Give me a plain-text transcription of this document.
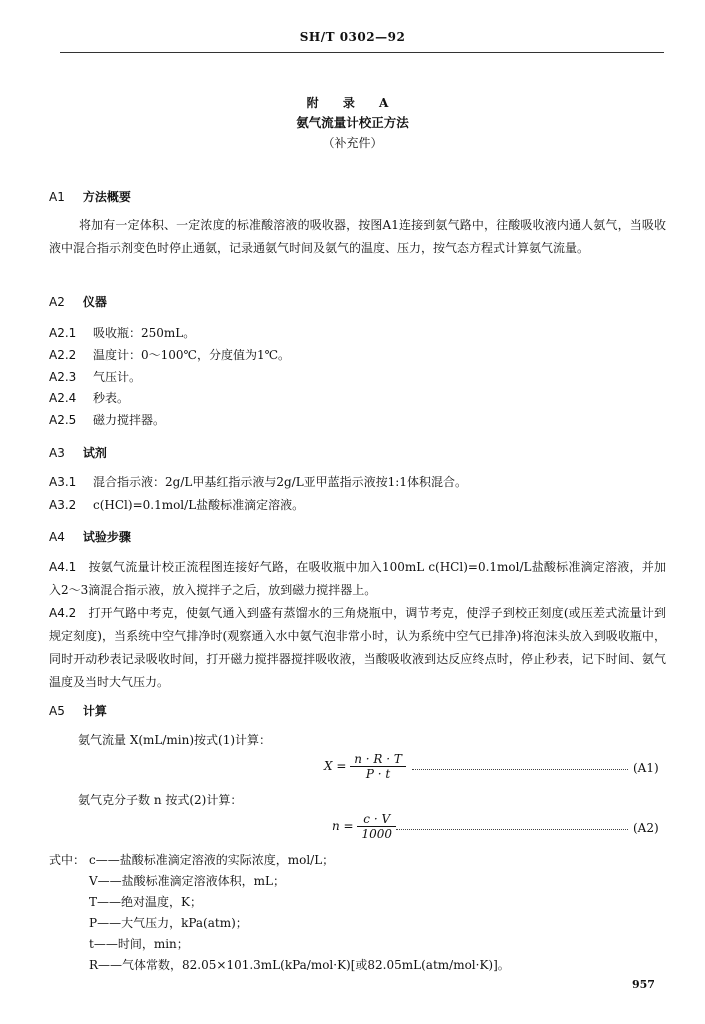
SH/T 0302—92
附 录 A
氨气流量计校正方法
（补充件）
A1 方法概要
将加有一定体积、一定浓度的标准酸溶液的吸收器，按图A1连接到氨气路中，往酸吸收液内通人氨气，当吸收液中混合指示剂变色时停止通氨，记录通氨气时间及氨气的温度、压力，按气态方程式计算氨气流量。
A2 仪器
A2.1 吸收瓶：250mL。
A2.2 温度计：0～100℃，分度值为1℃。
A2.3 气压计。
A2.4 秒表。
A2.5 磁力搅拌器。
A3 试剂
A3.1 混合指示液：2g/L甲基红指示液与2g/L亚甲蓝指示液按1:1体积混合。
A3.2 c(HCl)=0.1mol/L盐酸标准滴定溶液。
A4 试验步骤
A4.1 按氨气流量计校正流程图连接好气路，在吸收瓶中加入100mL c(HCl)=0.1mol/L盐酸标准滴定溶液，并加入2～3滴混合指示液，放入搅拌子之后，放到磁力搅拌器上。
A4.2 打开气路中考克，使氨气通入到盛有蒸馏水的三角烧瓶中，调节考克，使浮子到校正刻度(或压差式流量计到规定刻度)，当系统中空气排净时(观察通入水中氨气泡非常小时，认为系统中空气已排净)将泡沫头放入到吸收瓶中，同时开动秒表记录吸收时间，打开磁力搅拌器搅拌吸收液，当酸吸收液到达反应终点时，停止秒表，记下时间、氨气温度及当时大气压力。
A5 计算
氨气流量 X(mL/min)按式(1)计算：
$X = \frac{n \cdot R \cdot T}{P \cdot t}$	(A1)
氨气克分子数 n 按式(2)计算：
$n = \frac{c \cdot V}{1000}$	(A2)
式中： c——盐酸标准滴定溶液的实际浓度，mol/L；
V——盐酸标准滴定溶液体积，mL；
T——绝对温度，K；
P——大气压力，kPa(atm)；
t——时间，min；
R——气体常数，82.05×101.3mL(kPa/mol·K)[或82.05mL(atm/mol·K)]。
957
